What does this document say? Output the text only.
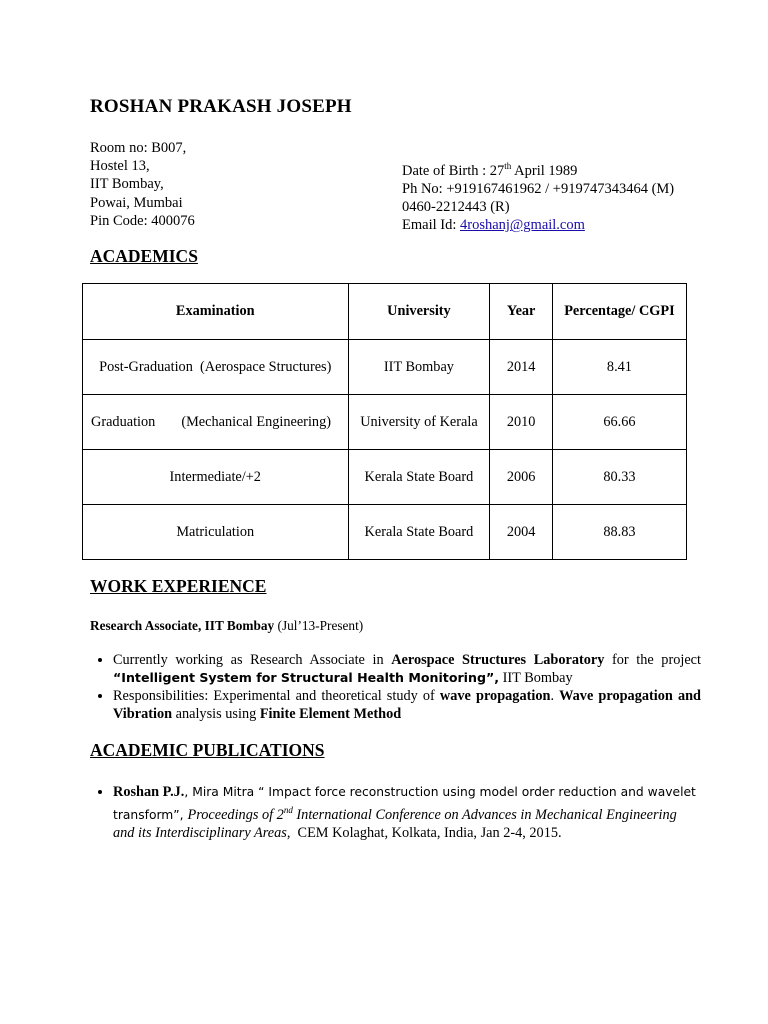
ROSHAN PRAKASH JOSEPH
Room no: B007,
Hostel 13,
IIT Bombay,
Powai, Mumbai
Pin Code: 400076
Date of Birth : 27th April 1989
Ph No: +919167461962 / +919747343464 (M)
0460-2212443 (R)
Email Id: 4roshanj@gmail.com
ACADEMICS
Examination	University	Year	Percentage/ CGPI
Post-Graduation  (Aerospace Structures)	IIT Bombay	2014	8.41
Graduation (Mechanical Engineering)	University of Kerala	2010	66.66
Intermediate/+2	Kerala State Board	2006	80.33
Matriculation	Kerala State Board	2004	88.83
WORK EXPERIENCE
Research Associate, IIT Bombay (Jul’13-Present)
• Currently working as Research Associate in Aerospace Structures Laboratory for the project “Intelligent System for Structural Health Monitoring”, IIT Bombay
• Responsibilities: Experimental and theoretical study of wave propagation. Wave propagation and Vibration analysis using Finite Element Method
ACADEMIC PUBLICATIONS
• Roshan P.J., Mira Mitra “ Impact force reconstruction using model order reduction and wavelet transform”, Proceedings of 2nd International Conference on Advances in Mechanical Engineering and its Interdisciplinary Areas,  CEM Kolaghat, Kolkata, India, Jan 2-4, 2015.
